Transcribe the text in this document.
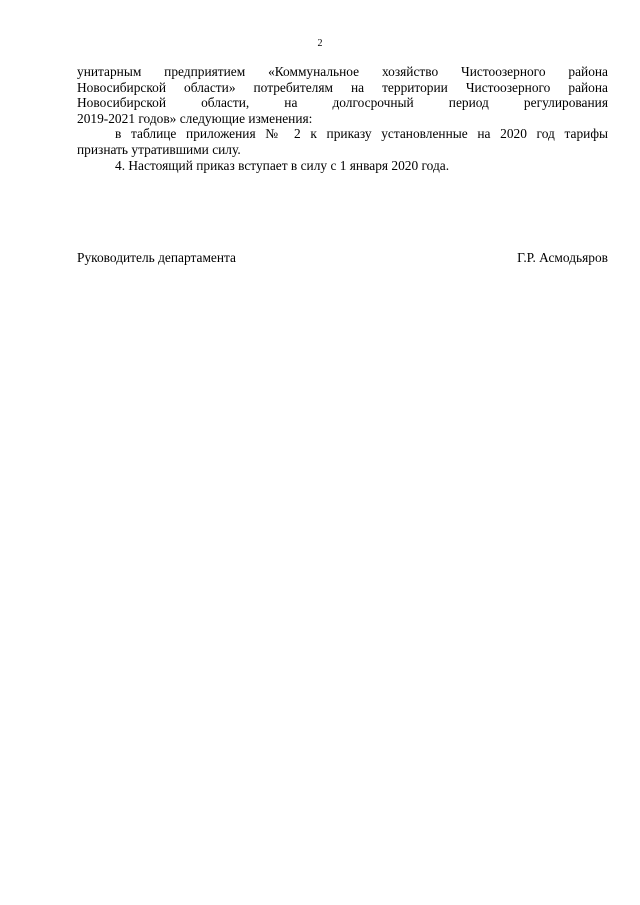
2

унитарным предприятием «Коммунальное хозяйство Чистоозерного района
Новосибирской области» потребителям на территории Чистоозерного района
Новосибирской области, на долгосрочный период регулирования
2019-2021 годов» следующие изменения:

в таблице приложения № 2 к приказу установленные на 2020 год тарифы
признать утратившими силу.

4. Настоящий приказ вступает в силу с 1 января 2020 года.

Руководитель департамента	Г.Р. Асмодьяров
